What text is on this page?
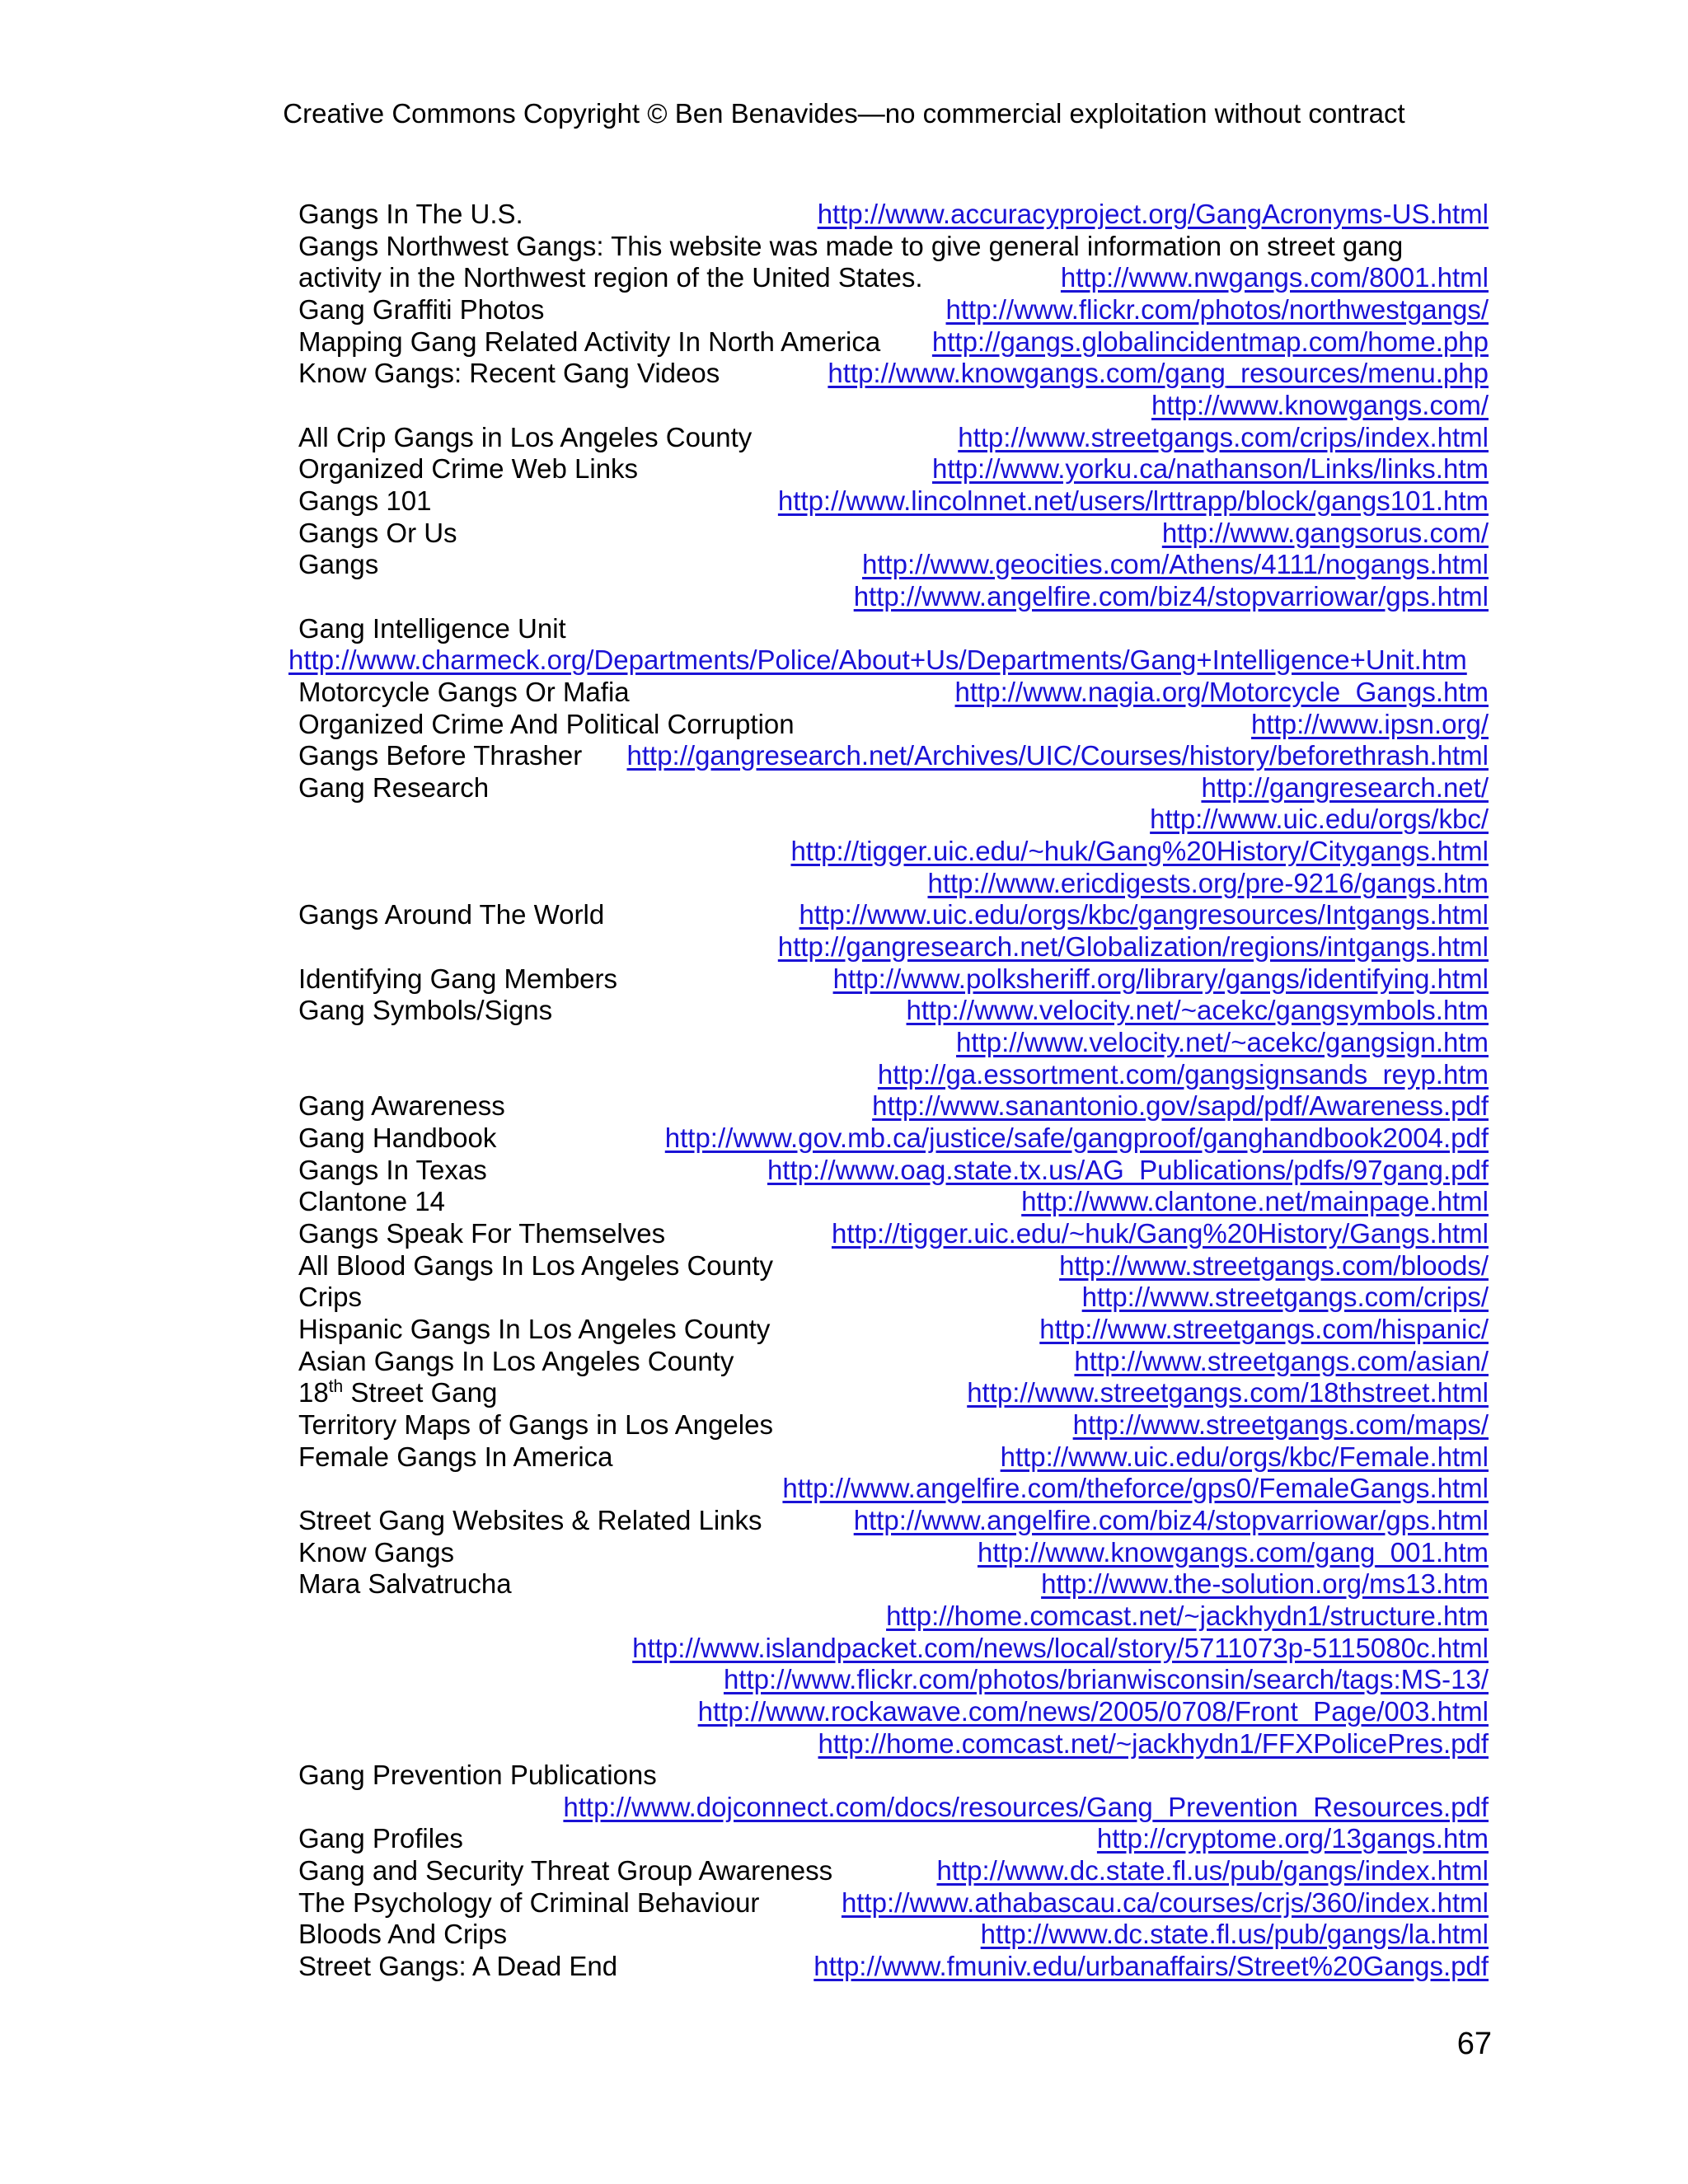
Creative Commons Copyright © Ben Benavides—no commercial exploitation without contract
Gangs In The U.S.	http://www.accuracyproject.org/GangAcronyms-US.html
Gangs Northwest Gangs: This website was made to give general information on street gang
activity in the Northwest region of the United States.	http://www.nwgangs.com/8001.html
Gang Graffiti Photos	http://www.flickr.com/photos/northwestgangs/
Mapping Gang Related Activity In North America http://gangs.globalincidentmap.com/home.php
Know Gangs: Recent Gang Videos	http://www.knowgangs.com/gang_resources/menu.php
http://www.knowgangs.com/
All Crip Gangs in Los Angeles County	http://www.streetgangs.com/crips/index.html
Organized Crime Web Links	http://www.yorku.ca/nathanson/Links/links.htm
Gangs 101	http://www.lincolnnet.net/users/lrttrapp/block/gangs101.htm
Gangs Or Us	http://www.gangsorus.com/
Gangs	http://www.geocities.com/Athens/4111/nogangs.html
http://www.angelfire.com/biz4/stopvarriowar/gps.html
Gang Intelligence Unit
http://www.charmeck.org/Departments/Police/About+Us/Departments/Gang+Intelligence+Unit.htm
Motorcycle Gangs Or Mafia	http://www.nagia.org/Motorcycle_Gangs.htm
Organized Crime And Political Corruption	http://www.ipsn.org/
Gangs Before Thrasher http://gangresearch.net/Archives/UIC/Courses/history/beforethrash.html
Gang Research	http://gangresearch.net/
http://www.uic.edu/orgs/kbc/
http://tigger.uic.edu/~huk/Gang%20History/Citygangs.html
http://www.ericdigests.org/pre-9216/gangs.htm
Gangs Around The World	http://www.uic.edu/orgs/kbc/gangresources/Intgangs.html
http://gangresearch.net/Globalization/regions/intgangs.html
Identifying Gang Members	http://www.polksheriff.org/library/gangs/identifying.html
Gang Symbols/Signs	http://www.velocity.net/~acekc/gangsymbols.htm
http://www.velocity.net/~acekc/gangsign.htm
http://ga.essortment.com/gangsignsands_reyp.htm
Gang Awareness	http://www.sanantonio.gov/sapd/pdf/Awareness.pdf
Gang Handbook	http://www.gov.mb.ca/justice/safe/gangproof/ganghandbook2004.pdf
Gangs In Texas	http://www.oag.state.tx.us/AG_Publications/pdfs/97gang.pdf
Clantone 14	http://www.clantone.net/mainpage.html
Gangs Speak For Themselves	http://tigger.uic.edu/~huk/Gang%20History/Gangs.html
All Blood Gangs In Los Angeles County	http://www.streetgangs.com/bloods/
Crips	http://www.streetgangs.com/crips/
Hispanic Gangs In Los Angeles County	http://www.streetgangs.com/hispanic/
Asian Gangs In Los Angeles County	http://www.streetgangs.com/asian/
18th Street Gang	http://www.streetgangs.com/18thstreet.html
Territory Maps of Gangs in Los Angeles	http://www.streetgangs.com/maps/
Female Gangs In America	http://www.uic.edu/orgs/kbc/Female.html
http://www.angelfire.com/theforce/gps0/FemaleGangs.html
Street Gang Websites & Related Links	http://www.angelfire.com/biz4/stopvarriowar/gps.html
Know Gangs	http://www.knowgangs.com/gang_001.htm
Mara Salvatrucha	http://www.the-solution.org/ms13.htm
http://home.comcast.net/~jackhydn1/structure.htm
http://www.islandpacket.com/news/local/story/5711073p-5115080c.html
http://www.flickr.com/photos/brianwisconsin/search/tags:MS-13/
http://www.rockawave.com/news/2005/0708/Front_Page/003.html
http://home.comcast.net/~jackhydn1/FFXPolicePres.pdf
Gang Prevention Publications
http://www.dojconnect.com/docs/resources/Gang_Prevention_Resources.pdf
Gang Profiles	http://cryptome.org/13gangs.htm
Gang and Security Threat Group Awareness	http://www.dc.state.fl.us/pub/gangs/index.html
The Psychology of Criminal Behaviour	http://www.athabascau.ca/courses/crjs/360/index.html
Bloods And Crips	http://www.dc.state.fl.us/pub/gangs/la.html
Street Gangs: A Dead End	http://www.fmuniv.edu/urbanaffairs/Street%20Gangs.pdf
67
